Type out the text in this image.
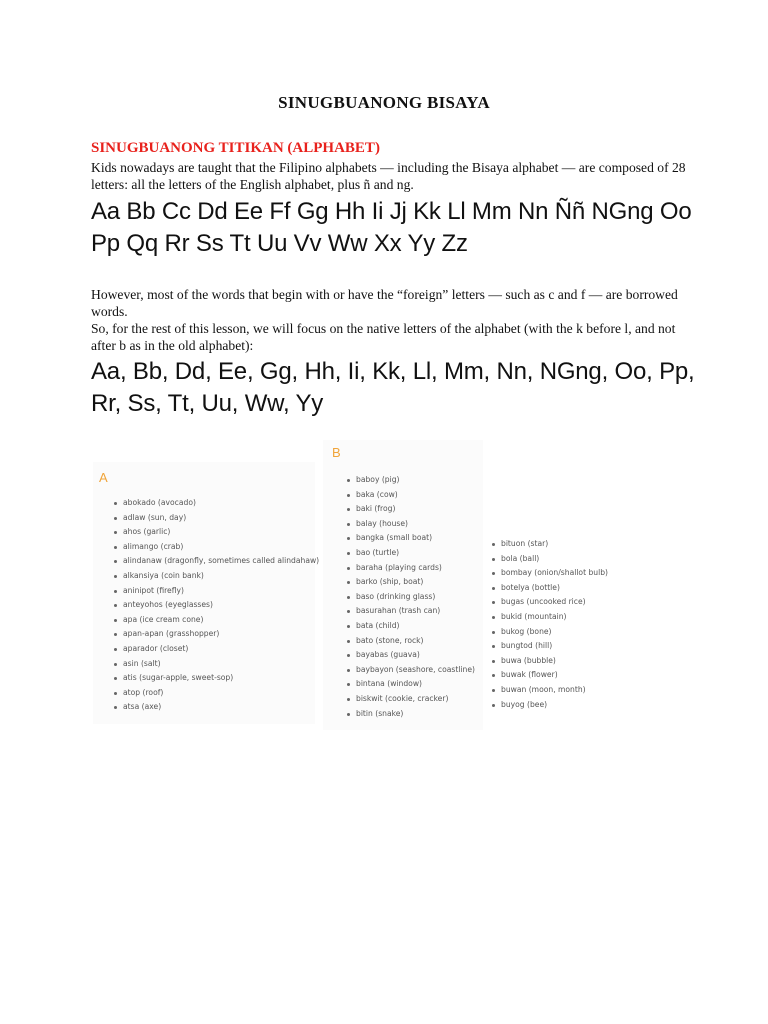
SINUGBUANONG BISAYA
SINUGBUANONG TITIKAN (ALPHABET)
Kids nowadays are taught that the Filipino alphabets — including the Bisaya alphabet — are composed of 28 letters: all the letters of the English alphabet, plus ñ and ng.
Aa Bb Cc Dd Ee Ff Gg Hh Ii Jj Kk Ll Mm Nn Ññ NGng Oo Pp Qq Rr Ss Tt Uu Vv Ww Xx Yy Zz
However, most of the words that begin with or have the “foreign” letters — such as c and f — are borrowed words.
So, for the rest of this lesson, we will focus on the native letters of the alphabet (with the k before l, and not after b as in the old alphabet):
Aa, Bb, Dd, Ee, Gg, Hh, Ii, Kk, Ll, Mm, Nn, NGng, Oo, Pp, Rr, Ss, Tt, Uu, Ww, Yy
A
abokado (avocado)
adlaw (sun, day)
ahos (garlic)
alimango (crab)
alindanaw (dragonfly, sometimes called alindahaw)
alkansiya (coin bank)
aninipot (firefly)
anteyohos (eyeglasses)
apa (ice cream cone)
apan-apan (grasshopper)
aparador (closet)
asin (salt)
atis (sugar-apple, sweet-sop)
atop (roof)
atsa (axe)
B
baboy (pig)
baka (cow)
baki (frog)
balay (house)
bangka (small boat)
bao (turtle)
baraha (playing cards)
barko (ship, boat)
baso (drinking glass)
basurahan (trash can)
bata (child)
bato (stone, rock)
bayabas (guava)
baybayon (seashore, coastline)
bintana (window)
biskwit (cookie, cracker)
bitin (snake)
bituon (star)
bola (ball)
bombay (onion/shallot bulb)
botelya (bottle)
bugas (uncooked rice)
bukid (mountain)
bukog (bone)
bungtod (hill)
buwa (bubble)
buwak (flower)
buwan (moon, month)
buyog (bee)
